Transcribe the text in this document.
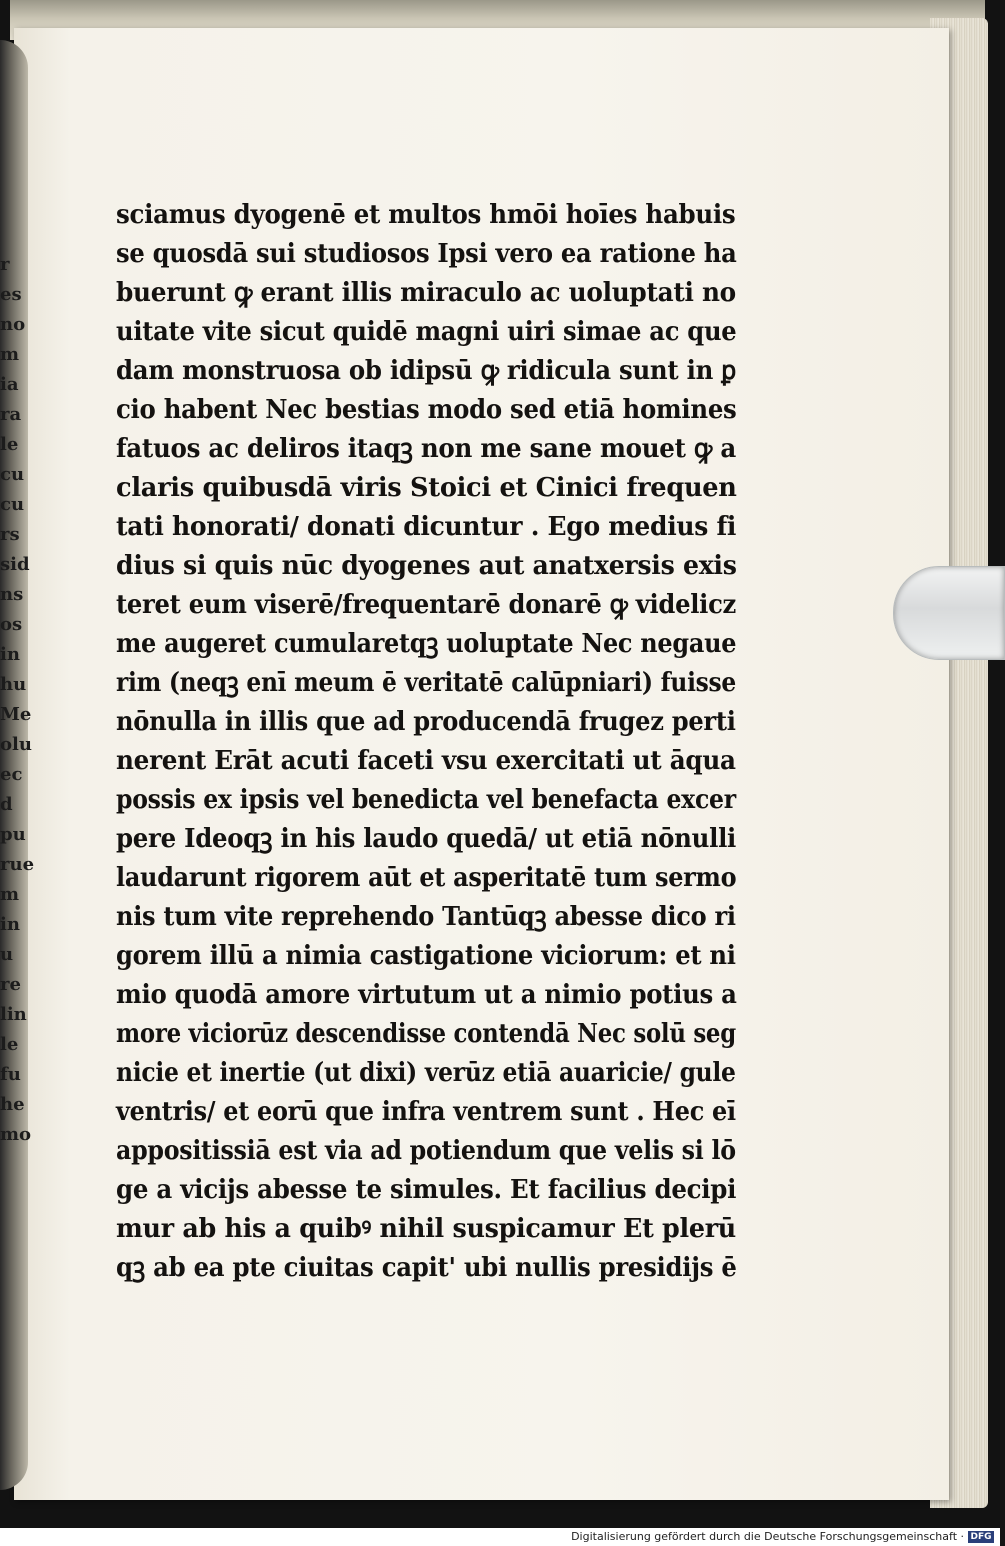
r
es
no
m
ia
ra
le
cu
cu
rs
sid
ns
os
in
hu
Me
olu
ec
d
pu
rue
m
in
u
re
lin
le
fu
he
mo
sciamus dyogenē et multos hmōi hoīes habuis
se quosdā sui studiosos Ipsi vero ea ratione ha
buerunt ꝙ erant illis miraculo ac uoluptati no
uitate vite sicut quidē magni uiri simae ac que
dam monstruosa ob idipsū ꝙ ridicula sunt in ꝑ
cio habent Nec bestias modo sed etiā homines
fatuos ac deliros itaqꝫ non me sane mouet ꝙ a
claris quibusdā viris Stoici et Cinici frequen
tati honorati/ donati dicuntur . Ego medius fi
dius si quis nūc dyogenes aut anatxersis exis
teret eum viserē/frequentarē donarē ꝙ videlicz
me augeret cumularetqꝫ uoluptate Nec negaue
rim (neqꝫ enī meum ē veritatē calūpniari) fuisse
nōnulla in illis que ad producendā frugez perti
nerent Erāt acuti faceti vsu exercitati ut āqua
possis ex ipsis vel benedicta vel benefacta excer
pere Ideoqꝫ in his laudo quedā/ ut etiā nōnulli
laudarunt rigorem aūt et asperitatē tum sermo
nis tum vite reprehendo Tantūqꝫ abesse dico ri
gorem illū a nimia castigatione viciorum: et ni
mio quodā amore virtutum ut a nimio potius a
more viciorūz descendisse contendā Nec solū seg
nicie et inertie (ut dixi) verūz etiā auaricie/ gule
ventris/ et eorū que infra ventrem sunt . Hec eī
appositissiā est via ad potiendum que velis si lō
ge a vicijs abesse te simules. Et facilius decipi
mur ab his a quibꝰ nihil suspicamur Et plerū
qꝫ ab ea pte ciuitas capit' ubi nullis presidijs ē
Digitalisierung gefördert durch die Deutsche Forschungsgemeinschaft · DFG
